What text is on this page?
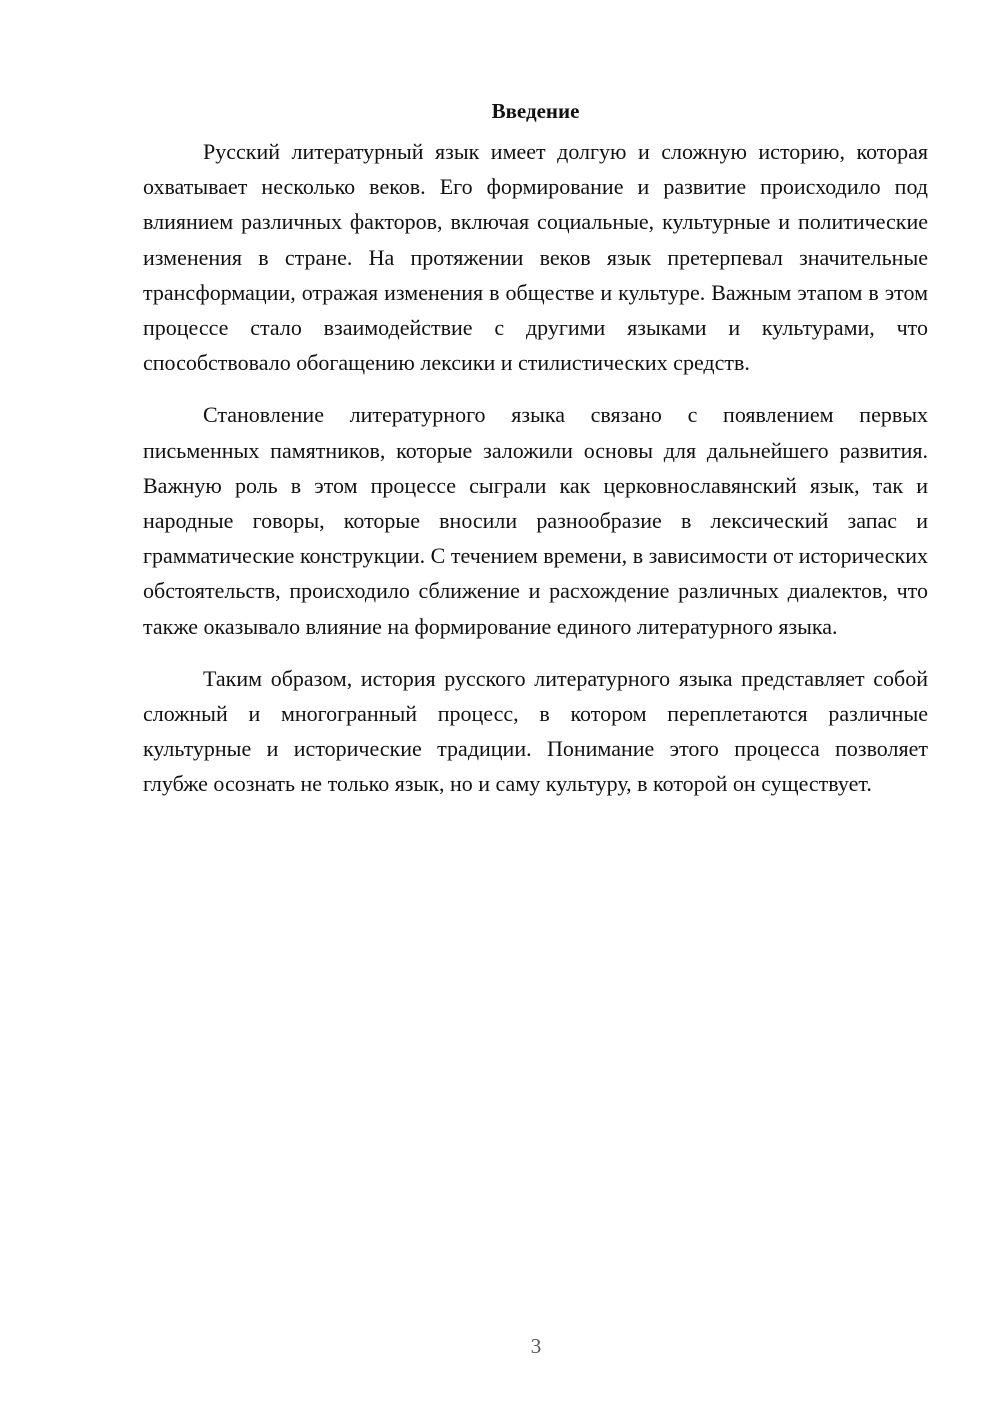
Введение

Русский литературный язык имеет долгую и сложную историю, которая охватывает несколько веков. Его формирование и развитие происходило под влиянием различных факторов, включая социальные, культурные и политические изменения в стране. На протяжении веков язык претерпевал значительные трансформации, отражая изменения в обществе и культуре. Важным этапом в этом процессе стало взаимодействие с другими языками и культурами, что способствовало обогащению лексики и стилистических средств.

Становление литературного языка связано с появлением первых письменных памятников, которые заложили основы для дальнейшего развития. Важную роль в этом процессе сыграли как церковнославянский язык, так и народные говоры, которые вносили разнообразие в лексический запас и грамматические конструкции. С течением времени, в зависимости от исторических обстоятельств, происходило сближение и расхождение различных диалектов, что также оказывало влияние на формирование единого литературного языка.

Таким образом, история русского литературного языка представляет собой сложный и многогранный процесс, в котором переплетаются различные культурные и исторические традиции. Понимание этого процесса позволяет глубже осознать не только язык, но и саму культуру, в которой он существует.

3
